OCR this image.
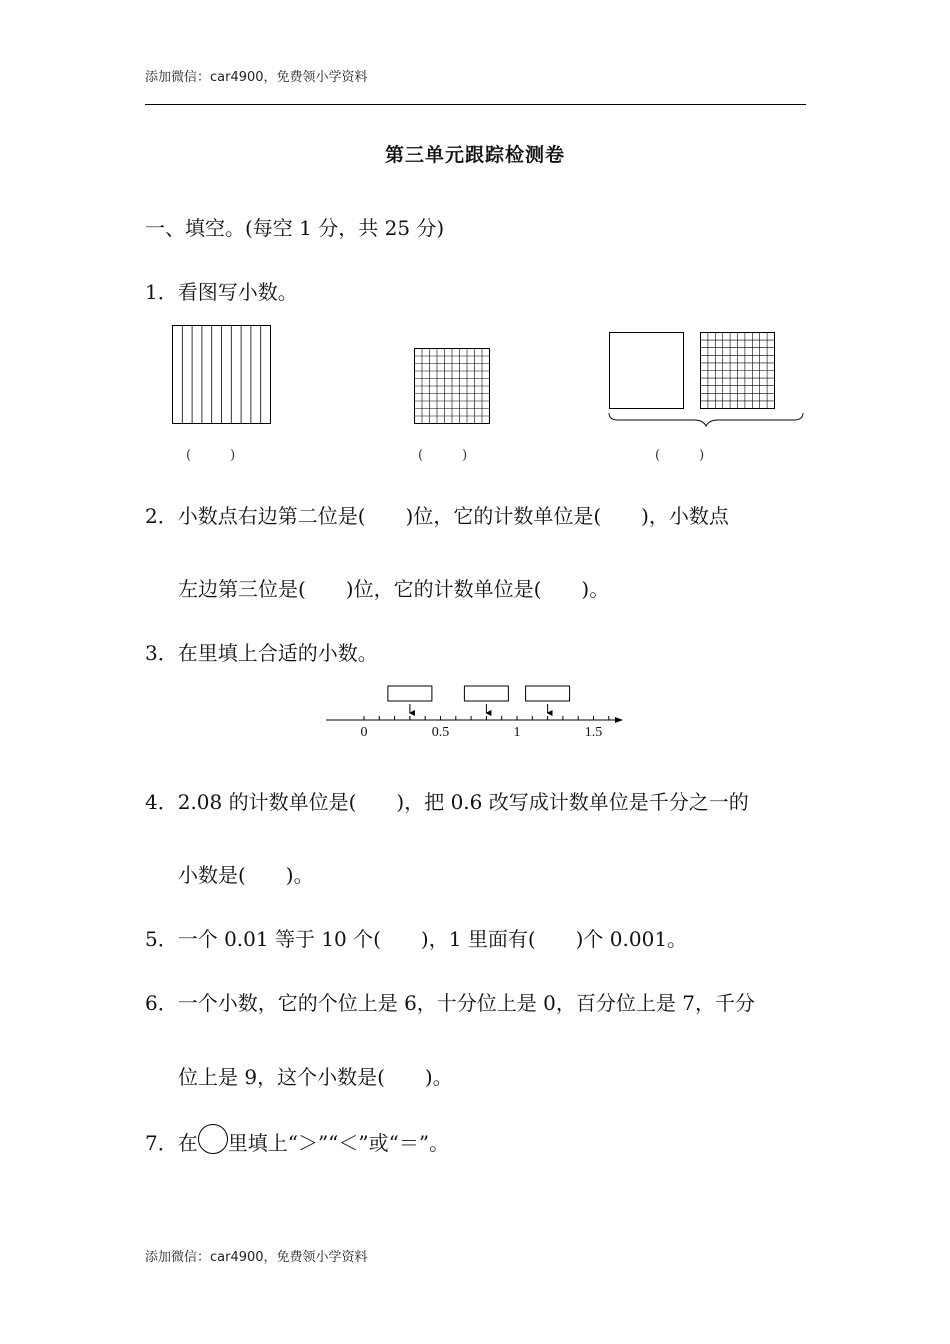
添加微信：car4900，免费领小学资料
第三单元跟踪检测卷
一、填空。(每空 1 分，共 25 分)
1．看图写小数。
(　　　)	(　　　)	(　　　)
2．小数点右边第二位是(　　)位，它的计数单位是(　　)，小数点
左边第三位是(　　)位，它的计数单位是(　　)。
3．在里填上合适的小数。
0	0.5	1	1.5
4．2.08 的计数单位是(　　)，把 0.6 改写成计数单位是千分之一的
小数是(　　)。
5．一个 0.01 等于 10 个(　　)，1 里面有(　　)个 0.001。
6．一个小数，它的个位上是 6，十分位上是 0，百分位上是 7，千分
位上是 9，这个小数是(　　)。
7．在 里填上“＞”“＜”或“＝”。
添加微信：car4900，免费领小学资料
